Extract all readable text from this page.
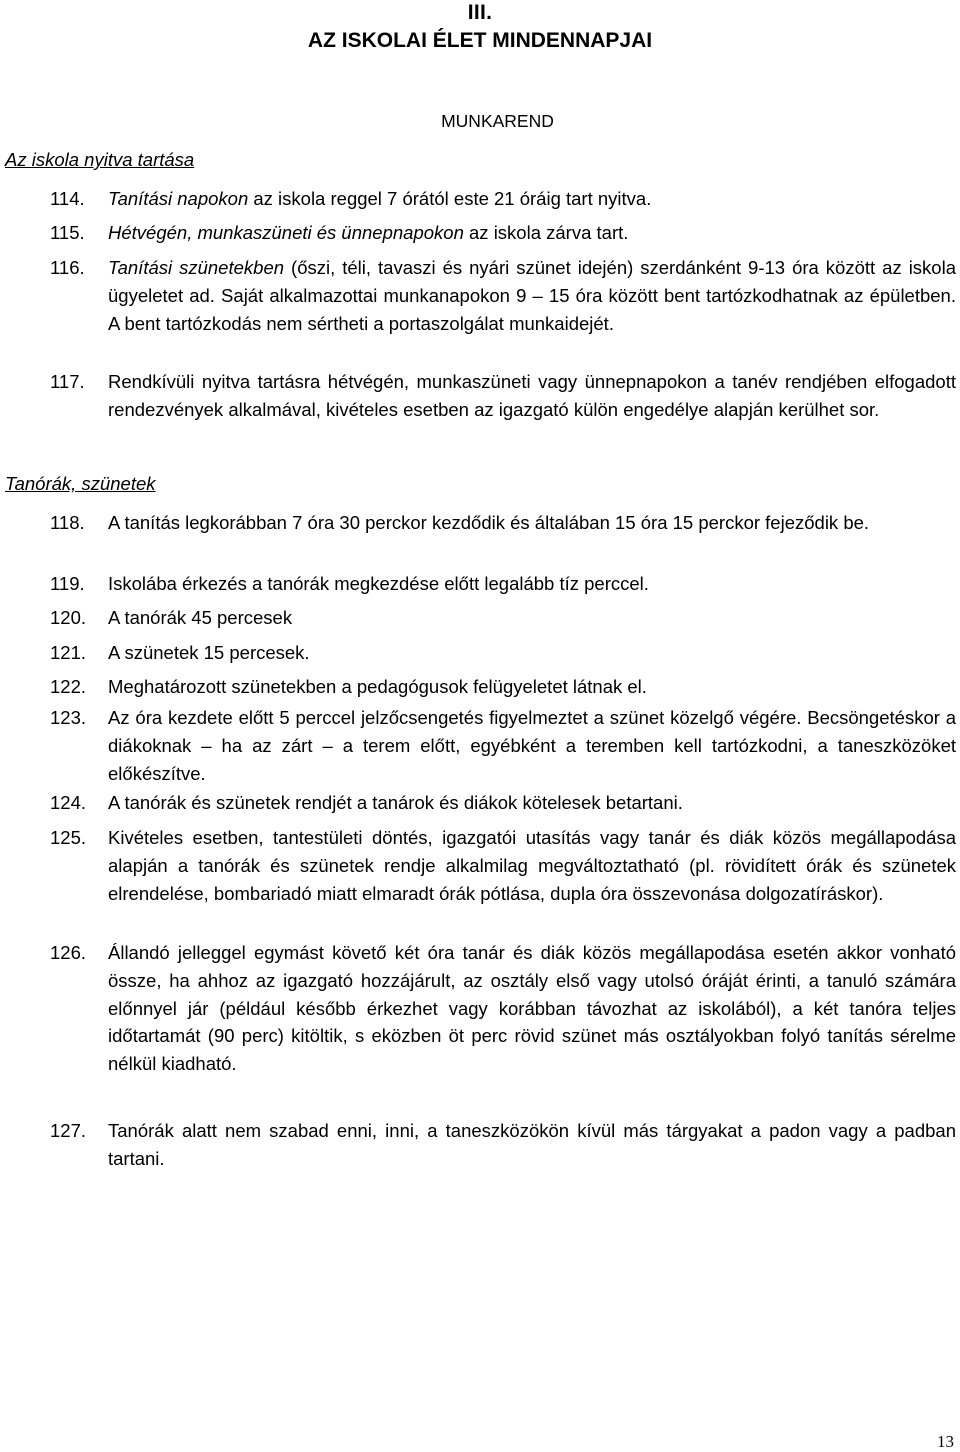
III.
AZ ISKOLAI ÉLET MINDENNAPJAI
MUNKAREND
Az iskola nyitva tartása
114. Tanítási napokon az iskola reggel 7 órától este 21 óráig tart nyitva.
115. Hétvégén, munkaszüneti és ünnepnapokon az iskola zárva tart.
116. Tanítási szünetekben (őszi, téli, tavaszi és nyári szünet idején) szerdánként 9-13 óra között az iskola ügyeletet ad. Saját alkalmazottai munkanapokon 9 – 15 óra között bent tartózkodhatnak az épületben. A bent tartózkodás nem sértheti a portaszolgálat munkaidejét.
117. Rendkívüli nyitva tartásra hétvégén, munkaszüneti vagy ünnepnapokon a tanév rendjében elfogadott rendezvények alkalmával, kivételes esetben az igazgató külön engedélye alapján kerülhet sor.
Tanórák, szünetek
118. A tanítás legkorábban 7 óra 30 perckor kezdődik és általában 15 óra 15 perckor fejeződik be.
119. Iskolába érkezés a tanórák megkezdése előtt legalább tíz perccel.
120. A tanórák 45 percesek
121. A szünetek 15 percesek.
122. Meghatározott szünetekben a pedagógusok felügyeletet látnak el.
123. Az óra kezdete előtt 5 perccel jelzőcsengetés figyelmeztet a szünet közelgő végére. Becsöngetéskor a diákoknak – ha az zárt – a terem előtt, egyébként a teremben kell tartózkodni, a taneszközöket előkészítve.
124. A tanórák és szünetek rendjét a tanárok és diákok kötelesek betartani.
125. Kivételes esetben, tantestületi döntés, igazgatói utasítás vagy tanár és diák közös megállapodása alapján a tanórák és szünetek rendje alkalmilag megváltoztatható (pl. rövidített órák és szünetek elrendelése, bombariadó miatt elmaradt órák pótlása, dupla óra összevonása dolgozatíráskor).
126. Állandó jelleggel egymást követő két óra tanár és diák közös megállapodása esetén akkor vonható össze, ha ahhoz az igazgató hozzájárult, az osztály első vagy utolsó óráját érinti, a tanuló számára előnnyel jár (például később érkezhet vagy korábban távozhat az iskolából), a két tanóra teljes időtartamát (90 perc) kitöltik, s eközben öt perc rövid szünet más osztályokban folyó tanítás sérelme nélkül kiadható.
127. Tanórák alatt nem szabad enni, inni, a taneszközökön kívül más tárgyakat a padon vagy a padban tartani.
13
